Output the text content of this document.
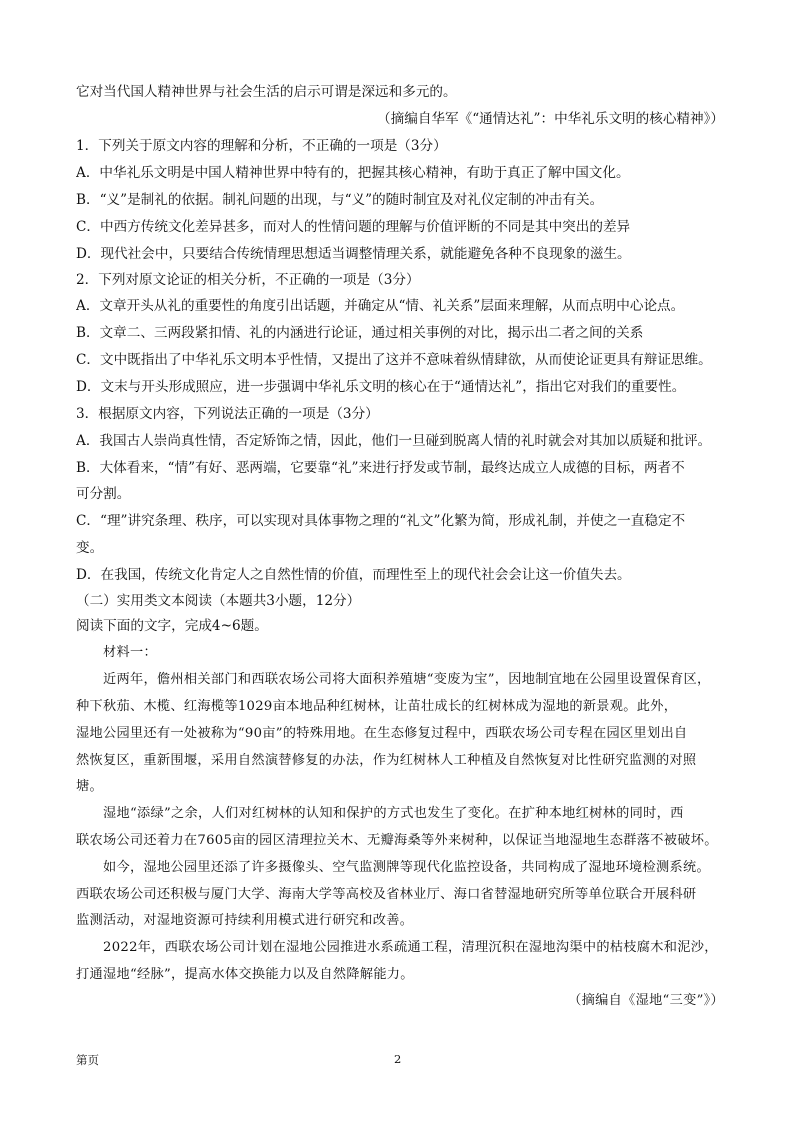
它对当代国人精神世界与社会生活的启示可谓是深远和多元的。
（摘编自华军《“通情达礼”：中华礼乐文明的核心精神》）
1．下列关于原文内容的理解和分析，不正确的一项是（3分）
A．中华礼乐文明是中国人精神世界中特有的，把握其核心精神，有助于真正了解中国文化。
B．“义”是制礼的依据。制礼问题的出现，与“义”的随时制宜及对礼仪定制的冲击有关。
C．中西方传统文化差异甚多，而对人的性情问题的理解与价值评断的不同是其中突出的差异
D．现代社会中，只要结合传统情理思想适当调整情理关系，就能避免各种不良现象的滋生。
2．下列对原文论证的相关分析，不正确的一项是（3分）
A．文章开头从礼的重要性的角度引出话题，并确定从“情、礼关系”层面来理解，从而点明中心论点。
B．文章二、三两段紧扣情、礼的内涵进行论证，通过相关事例的对比，揭示出二者之间的关系
C．文中既指出了中华礼乐文明本乎性情，又提出了这并不意味着纵情肆欲，从而使论证更具有辩证思维。
D．文末与开头形成照应，进一步强调中华礼乐文明的核心在于“通情达礼”，指出它对我们的重要性。
3．根据原文内容，下列说法正确的一项是（3分）
A．我国古人崇尚真性情，否定矫饰之情，因此，他们一旦碰到脱离人情的礼时就会对其加以质疑和批评。
B．大体看来，“情”有好、恶两端，它要靠“礼”来进行抒发或节制，最终达成立人成德的目标，两者不
可分割。
C．“理”讲究条理、秩序，可以实现对具体事物之理的“礼文”化繁为简，形成礼制，并使之一直稳定不
变。
D．在我国，传统文化肯定人之自然性情的价值，而理性至上的现代社会会让这一价值失去。
（二）实用类文本阅读（本题共3小题，12分）
阅读下面的文字，完成4~6题。
材料一：
近两年，儋州相关部门和西联农场公司将大面积养殖塘“变废为宝”，因地制宜地在公园里设置保育区，
种下秋茄、木榄、红海榄等1029亩本地品种红树林，让苗壮成长的红树林成为湿地的新景观。此外，
湿地公园里还有一处被称为“90亩”的特殊用地。在生态修复过程中，西联农场公司专程在园区里划出自
然恢复区，重新围堰，采用自然演替修复的办法，作为红树林人工种植及自然恢复对比性研究监测的对照
塘。
湿地“添绿”之余，人们对红树林的认知和保护的方式也发生了变化。在扩种本地红树林的同时，西
联农场公司还着力在7605亩的园区清理拉关木、无瓣海桑等外来树种，以保证当地湿地生态群落不被破坏。
如今，湿地公园里还添了许多摄像头、空气监测牌等现代化监控设备，共同构成了湿地环境检测系统。
西联农场公司还积极与厦门大学、海南大学等高校及省林业厅、海口省替湿地研究所等单位联合开展科研
监测活动，对湿地资源可持续利用模式进行研究和改善。
2022年，西联农场公司计划在湿地公园推进水系疏通工程，清理沉积在湿地沟渠中的枯枝腐木和泥沙，
打通湿地“经脉”，提高水体交换能力以及自然降解能力。
（摘编自《湿地“三变”》）
第页	2
